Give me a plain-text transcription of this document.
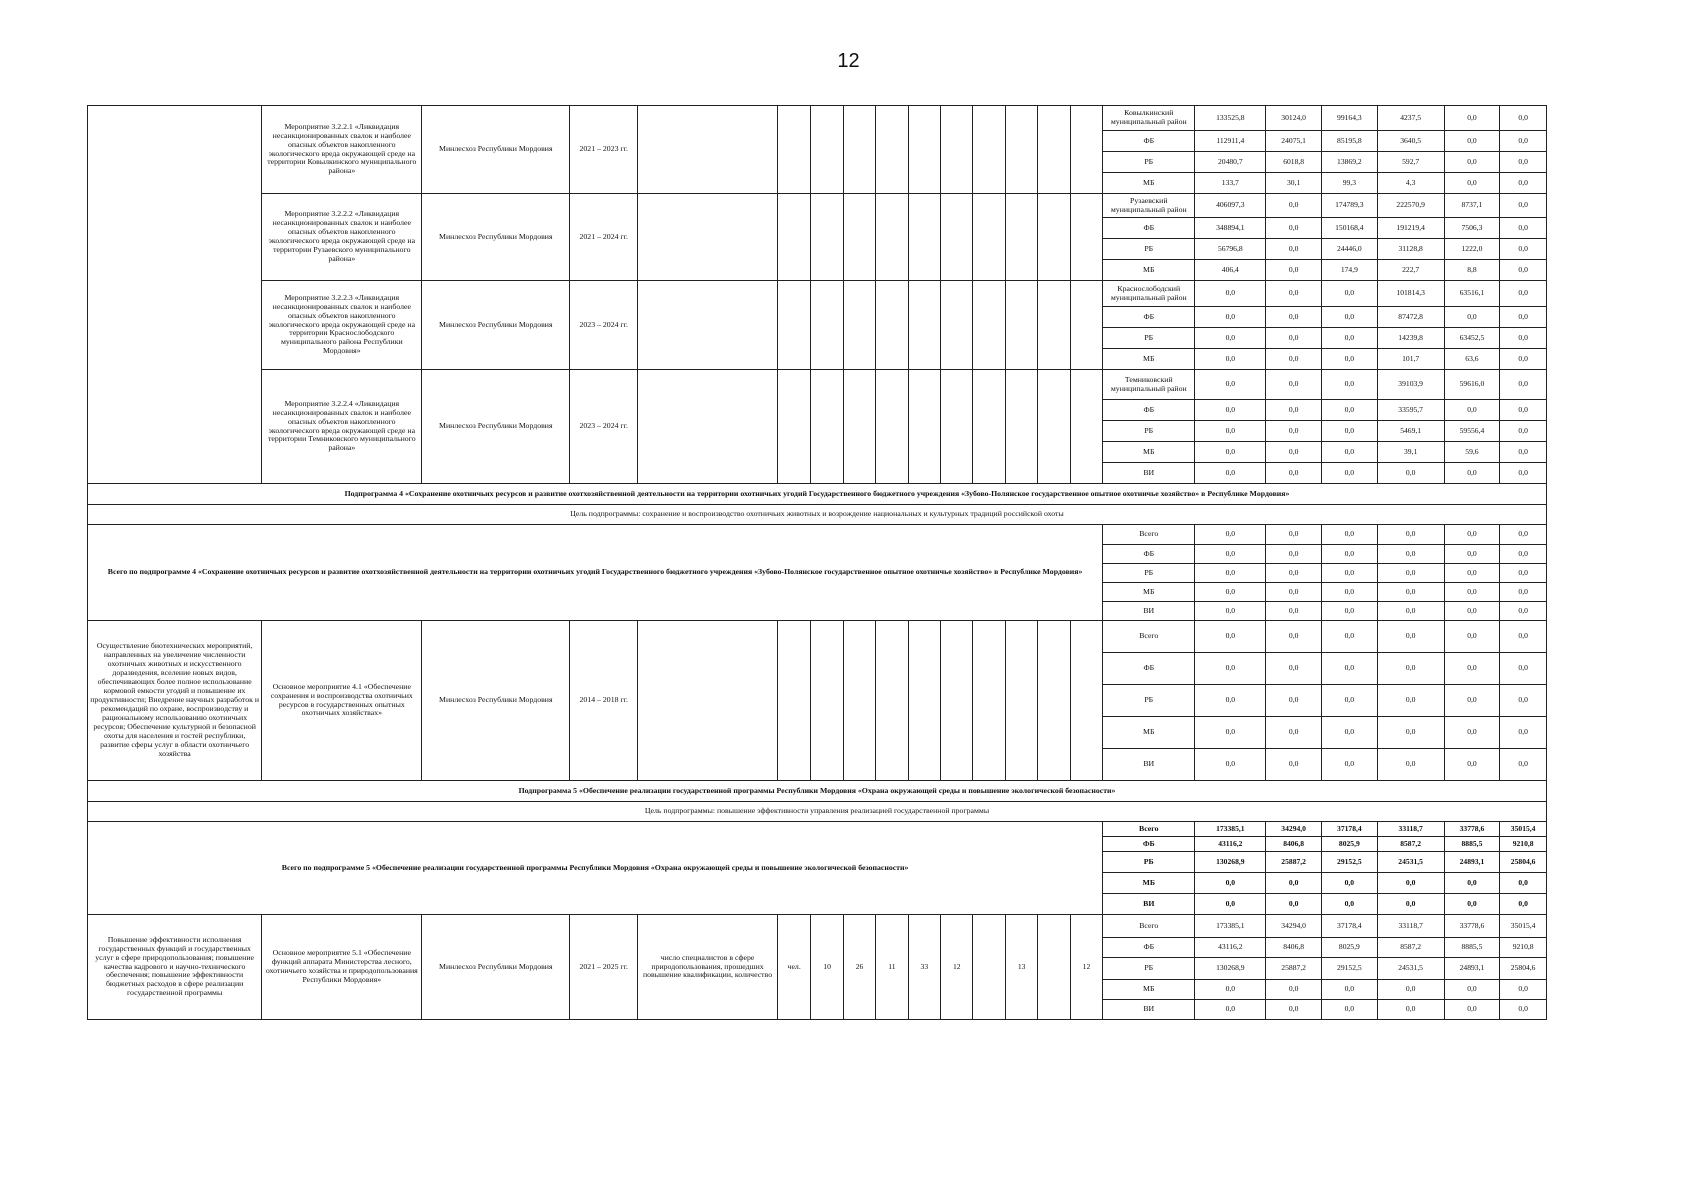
12
	Мероприятие 3.2.2.1 «Ликвидация несанкционированных свалок и наиболее опасных объектов накопленного экологического вреда окружающей среде на территории Ковылкинского муниципального района»	Минлесхоз Республики Мордовия	2021 – 2023 гг.												Ковылкинский муниципальный район	133525,8	30124,0	99164,3	4237,5	0,0	0,0
															ФБ	112911,4	24075,1	85195,8	3640,5	0,0	0,0
															РБ	20480,7	6018,8	13869,2	592,7	0,0	0,0
															МБ	133,7	30,1	99,3	4,3	0,0	0,0
	Мероприятие 3.2.2.2 «Ликвидация несанкционированных свалок и наиболее опасных объектов накопленного экологического вреда окружающей среде на территории Рузаевского муниципального района»	Минлесхоз Республики Мордовия	2021 – 2024 гг.												Рузаевский муниципальный район	406097,3	0,0	174789,3	222570,9	8737,1	0,0
															ФБ	348894,1	0,0	150168,4	191219,4	7506,3	0,0
															РБ	56796,8	0,0	24446,0	31128,8	1222,0	0,0
															МБ	406,4	0,0	174,9	222,7	8,8	0,0
	Мероприятие 3.2.2.3 «Ликвидация несанкционированных свалок и наиболее опасных объектов накопленного экологического вреда окружающей среде на территории Краснослободского муниципального района Республики Мордовия»	Минлесхоз Республики Мордовия	2023 – 2024 гг.												Краснослободский муниципальный район	0,0	0,0	0,0	101814,3	63516,1	0,0
															ФБ	0,0	0,0	0,0	87472,8	0,0	0,0
															РБ	0,0	0,0	0,0	14239,8	63452,5	0,0
															МБ	0,0	0,0	0,0	101,7	63,6	0,0
	Мероприятие 3.2.2.4 «Ликвидация несанкционированных свалок и наиболее опасных объектов накопленного экологического вреда окружающей среде на территории Темниковского муниципального района»	Минлесхоз Республики Мордовия	2023 – 2024 гг.												Темниковский муниципальный район	0,0	0,0	0,0	39103,9	59616,0	0,0
															ФБ	0,0	0,0	0,0	33595,7	0,0	0,0
															РБ	0,0	0,0	0,0	5469,1	59556,4	0,0
															МБ	0,0	0,0	0,0	39,1	59,6	0,0
															ВИ	0,0	0,0	0,0	0,0	0,0	0,0
Подпрограмма 4 «Сохранение охотничьих ресурсов и развитие охотхозяйственной деятельности на территории охотничьих угодий Государственного бюджетного учреждения «Зубово-Полянское государственное опытное охотничье хозяйство» в Республике Мордовия»																					
Цель подпрограммы: сохранение и воспроизводство охотничьих животных и возрождение национальных и культурных традиций российской охоты																					
Всего по подпрограмме 4 «Сохранение охотничьих ресурсов и развитие охотхозяйственной деятельности на территории охотничьих угодий Государственного бюджетного учреждения «Зубово-Полянское государственное опытное охотничье хозяйство» в Республике Мордовия»															Всего	0,0	0,0	0,0	0,0	0,0	0,0
															ФБ	0,0	0,0	0,0	0,0	0,0	0,0
															РБ	0,0	0,0	0,0	0,0	0,0	0,0
															МБ	0,0	0,0	0,0	0,0	0,0	0,0
															ВИ	0,0	0,0	0,0	0,0	0,0	0,0
Осуществление биотехнических мероприятий, направленных на увеличение численности охотничьих животных и искусственного доразведения, вселение новых видов, обеспечивающих более полное использование кормовой емкости угодий и повышение их продуктивности; Внедрение научных разработок и рекомендаций по охране, воспроизводству и рациональному использованию охотничьих ресурсов; Обеспечение культурной и безопасной охоты для населения и гостей республики, развитие сферы услуг в области охотничьего хозяйства	Основное мероприятие 4.1 «Обеспечение сохранения и воспроизводства охотничьих ресурсов в государственных опытных охотничьих хозяйствах»	Минлесхоз Республики Мордовия	2014 – 2018 гг.												Всего	0,0	0,0	0,0	0,0	0,0	0,0
															ФБ	0,0	0,0	0,0	0,0	0,0	0,0
															РБ	0,0	0,0	0,0	0,0	0,0	0,0
															МБ	0,0	0,0	0,0	0,0	0,0	0,0
															ВИ	0,0	0,0	0,0	0,0	0,0	0,0
Подпрограмма 5 «Обеспечение реализации государственной программы Республики Мордовия «Охрана окружающей среды и повышение экологической безопасности»																					
Цель подпрограммы: повышение эффективности управления реализацией государственной программы																					
Всего по подпрограмме 5 «Обеспечение реализации государственной программы Республики Мордовия «Охрана окружающей среды и повышение экологической безопасности»															Всего	173385,1	34294,0	37178,4	33118,7	33778,6	35015,4
															ФБ	43116,2	8406,8	8025,9	8587,2	8885,5	9210,8
															РБ	130268,9	25887,2	29152,5	24531,5	24893,1	25804,6
															МБ	0,0	0,0	0,0	0,0	0,0	0,0
															ВИ	0,0	0,0	0,0	0,0	0,0	0,0
Повышение эффективности исполнения государственных функций и государственных услуг в сфере природопользования; повышение качества кадрового и научно-технического обеспечения; повышение эффективности бюджетных расходов в сфере реализации государственной программы	Основное мероприятие 5.1 «Обеспечение функций аппарата Министерства лесного, охотничьего хозяйства и природопользования Республики Мордовия»	Минлесхоз Республики Мордовия	2021 – 2025 гг.	число специалистов в сфере природопользования, прошедших повышение квалификации, количество	чел.	10	26	11	33	12		13		12	Всего	173385,1	34294,0	37178,4	33118,7	33778,6	35015,4
															ФБ	43116,2	8406,8	8025,9	8587,2	8885,5	9210,8
															РБ	130268,9	25887,2	29152,5	24531,5	24893,1	25804,6
															МБ	0,0	0,0	0,0	0,0	0,0	0,0
															ВИ	0,0	0,0	0,0	0,0	0,0	0,0
